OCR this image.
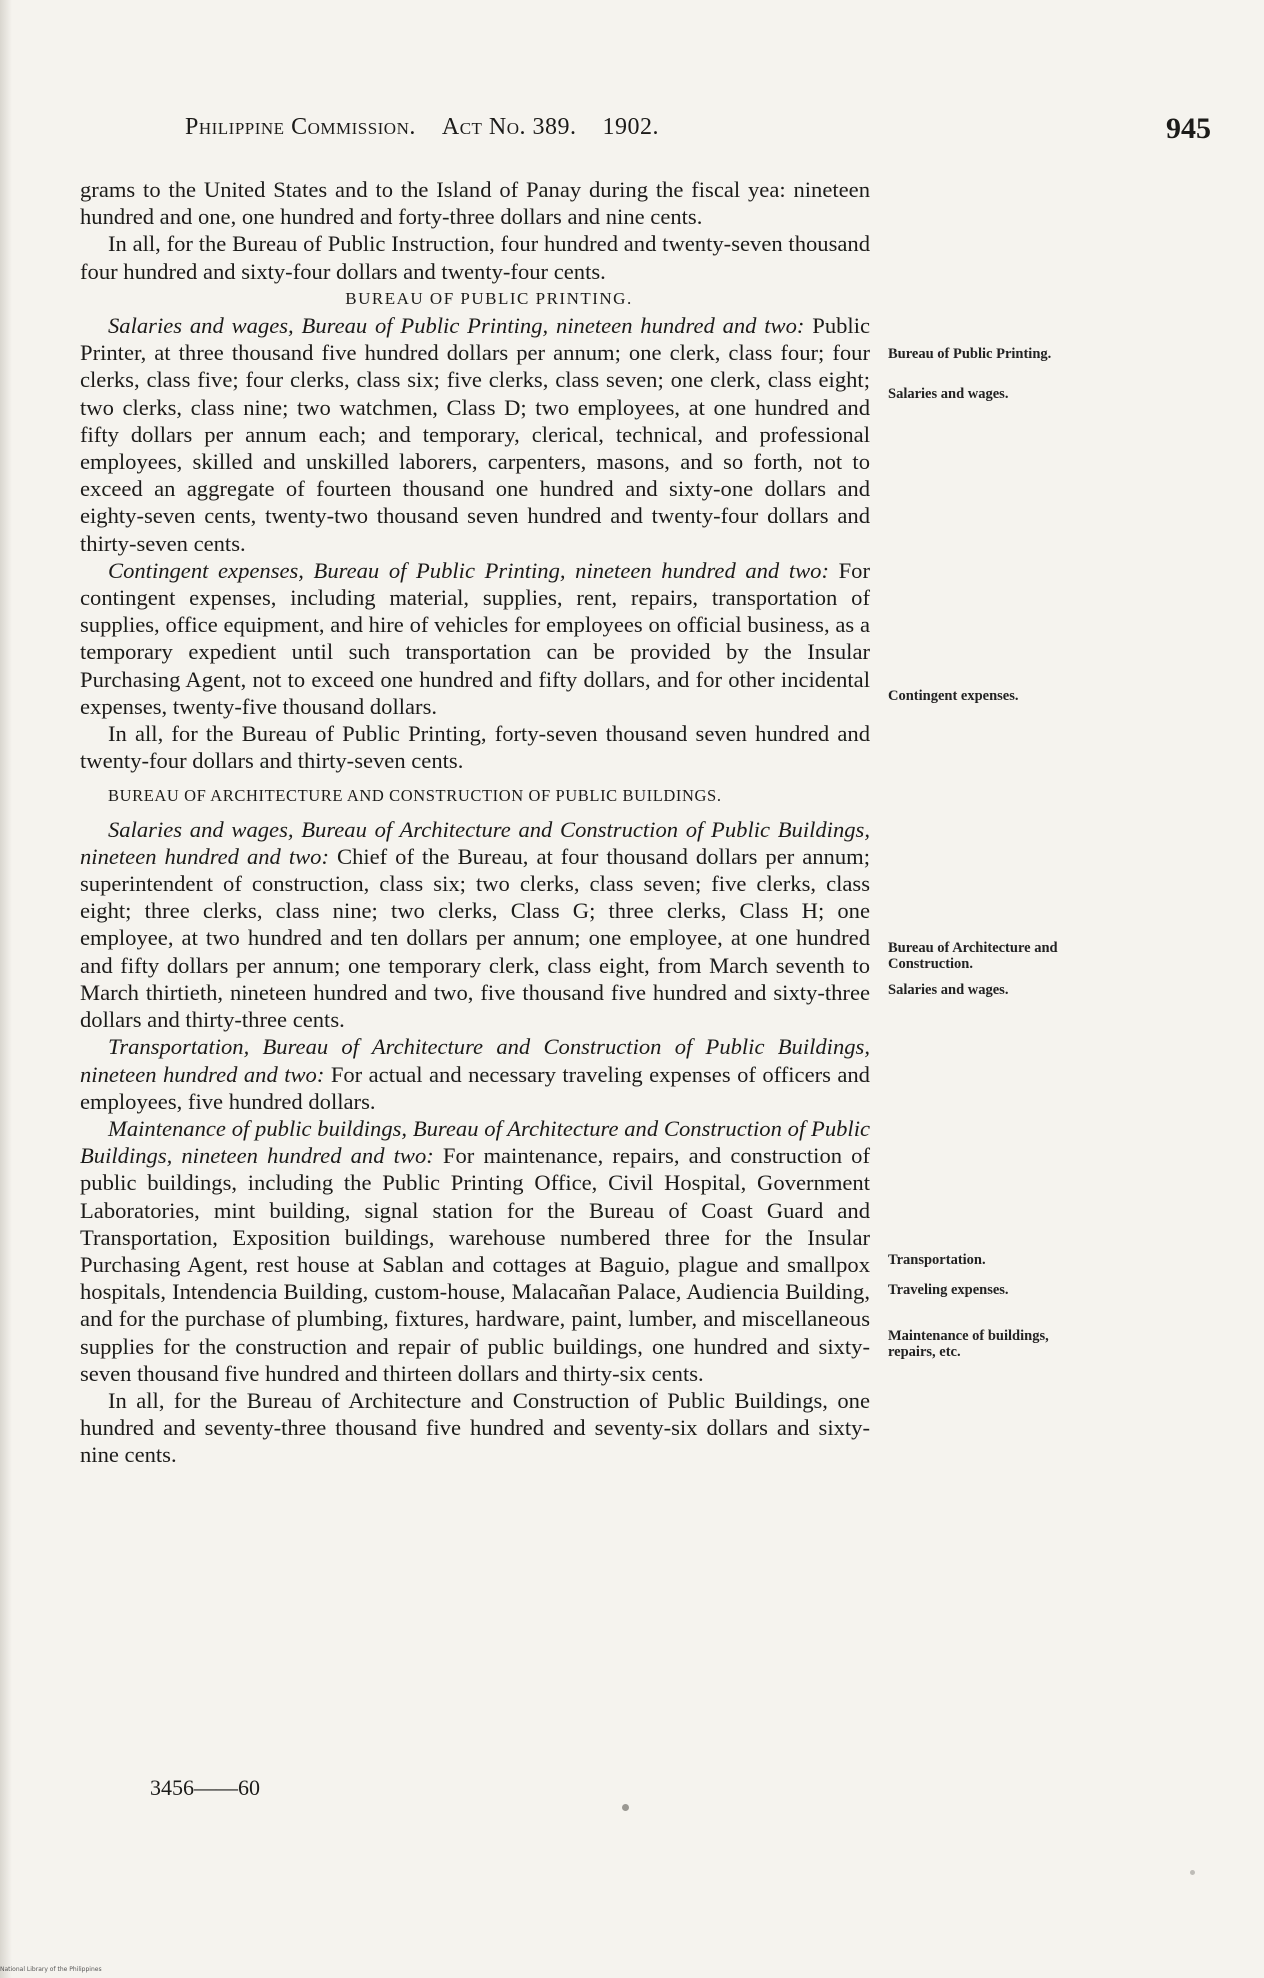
Philippine Commission. Act No. 389. 1902.	945

grams to the United States and to the Island of Panay during the fiscal yea: nineteen hundred and one, one hundred and forty-three dollars and nine cents.

In all, for the Bureau of Public Instruction, four hundred and twenty-seven thousand four hundred and sixty-four dollars and twenty-four cents.

BUREAU OF PUBLIC PRINTING.

Salaries and wages, Bureau of Public Printing, nineteen hundred and two: Public Printer, at three thousand five hundred dollars per annum; one clerk, class four; four clerks, class five; four clerks, class six; five clerks, class seven; one clerk, class eight; two clerks, class nine; two watchmen, Class D; two employees, at one hundred and fifty dollars per annum each; and temporary, clerical, technical, and professional employees, skilled and unskilled laborers, carpenters, masons, and so forth, not to exceed an aggregate of fourteen thousand one hundred and sixty-one dollars and eighty-seven cents, twenty-two thousand seven hundred and twenty-four dollars and thirty-seven cents.

Contingent expenses, Bureau of Public Printing, nineteen hundred and two: For contingent expenses, including material, supplies, rent, repairs, transportation of supplies, office equipment, and hire of vehicles for employees on official business, as a temporary expedient until such transportation can be provided by the Insular Purchasing Agent, not to exceed one hundred and fifty dollars, and for other incidental expenses, twenty-five thousand dollars.

In all, for the Bureau of Public Printing, forty-seven thousand seven hundred and twenty-four dollars and thirty-seven cents.

BUREAU OF ARCHITECTURE AND CONSTRUCTION OF PUBLIC BUILDINGS.

Salaries and wages, Bureau of Architecture and Construction of Public Buildings, nineteen hundred and two: Chief of the Bureau, at four thousand dollars per annum; superintendent of construction, class six; two clerks, class seven; five clerks, class eight; three clerks, class nine; two clerks, Class G; three clerks, Class H; one employee, at two hundred and ten dollars per annum; one employee, at one hundred and fifty dollars per annum; one temporary clerk, class eight, from March seventh to March thirtieth, nineteen hundred and two, five thousand five hundred and sixty-three dollars and thirty-three cents.

Transportation, Bureau of Architecture and Construction of Public Buildings, nineteen hundred and two: For actual and necessary traveling expenses of officers and employees, five hundred dollars.

Maintenance of public buildings, Bureau of Architecture and Construction of Public Buildings, nineteen hundred and two: For maintenance, repairs, and construction of public buildings, including the Public Printing Office, Civil Hospital, Government Laboratories, mint building, signal station for the Bureau of Coast Guard and Transportation, Exposition buildings, warehouse numbered three for the Insular Purchasing Agent, rest house at Sablan and cottages at Baguio, plague and smallpox hospitals, Intendencia Building, custom-house, Malacañan Palace, Audiencia Building, and for the purchase of plumbing, fixtures, hardware, paint, lumber, and miscellaneous supplies for the construction and repair of public buildings, one hundred and sixty-seven thousand five hundred and thirteen dollars and thirty-six cents.

In all, for the Bureau of Architecture and Construction of Public Buildings, one hundred and seventy-three thousand five hundred and seventy-six dollars and sixty-nine cents.

Bureau of Public Printing.
Salaries and wages.
Contingent expenses.
Bureau of Architecture and Construction.
Salaries and wages.
Transportation.
Traveling expenses.
Maintenance of buildings, repairs, etc.
3456——60
National Library of the Philippines
